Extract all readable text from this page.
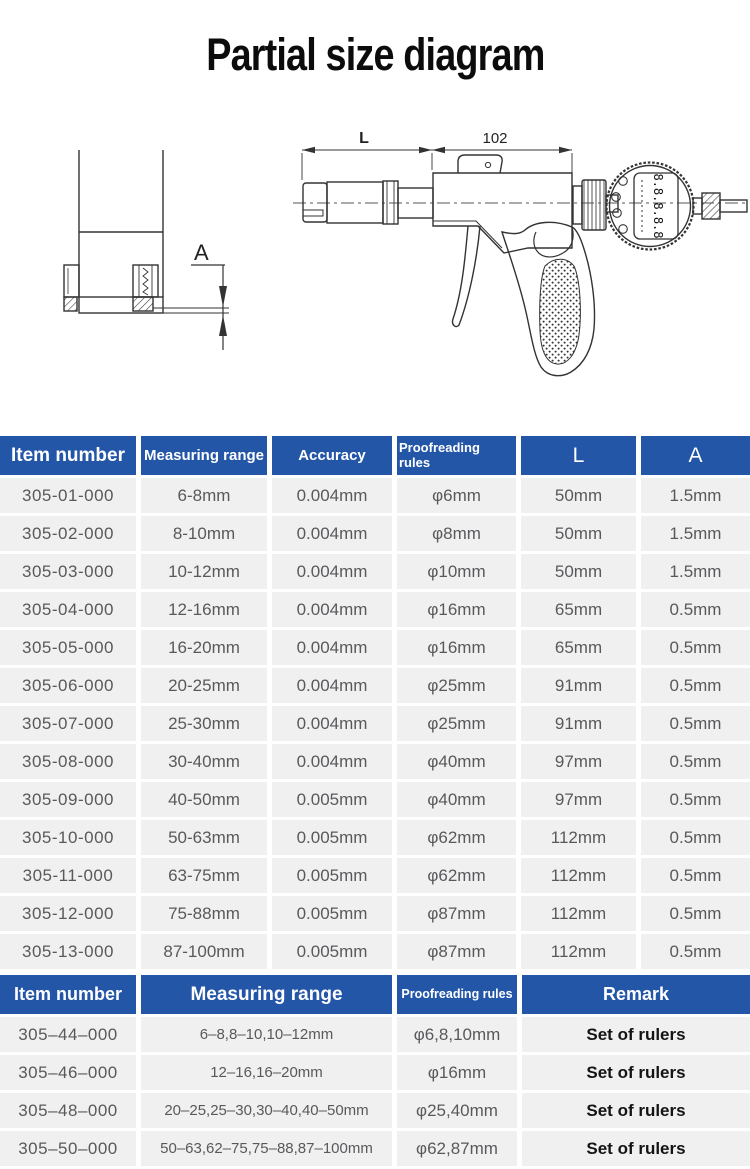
Partial size diagram
A
L	102
8.8.8.8.8
Item number	Measuring range	Accuracy	Proofreading rules	L	A
305-01-000	6-8mm	0.004mm	φ6mm	50mm	1.5mm
305-02-000	8-10mm	0.004mm	φ8mm	50mm	1.5mm
305-03-000	10-12mm	0.004mm	φ10mm	50mm	1.5mm
305-04-000	12-16mm	0.004mm	φ16mm	65mm	0.5mm
305-05-000	16-20mm	0.004mm	φ16mm	65mm	0.5mm
305-06-000	20-25mm	0.004mm	φ25mm	91mm	0.5mm
305-07-000	25-30mm	0.004mm	φ25mm	91mm	0.5mm
305-08-000	30-40mm	0.004mm	φ40mm	97mm	0.5mm
305-09-000	40-50mm	0.005mm	φ40mm	97mm	0.5mm
305-10-000	50-63mm	0.005mm	φ62mm	112mm	0.5mm
305-11-000	63-75mm	0.005mm	φ62mm	112mm	0.5mm
305-12-000	75-88mm	0.005mm	φ87mm	112mm	0.5mm
305-13-000	87-100mm	0.005mm	φ87mm	112mm	0.5mm
Item number	Measuring range	Proofreading rules	Remark
305–44–000	6–8,8–10,10–12mm	φ6,8,10mm	Set of rulers
305–46–000	12–16,16–20mm	φ16mm	Set of rulers
305–48–000	20–25,25–30,30–40,40–50mm	φ25,40mm	Set of rulers
305–50–000	50–63,62–75,75–88,87–100mm	φ62,87mm	Set of rulers
